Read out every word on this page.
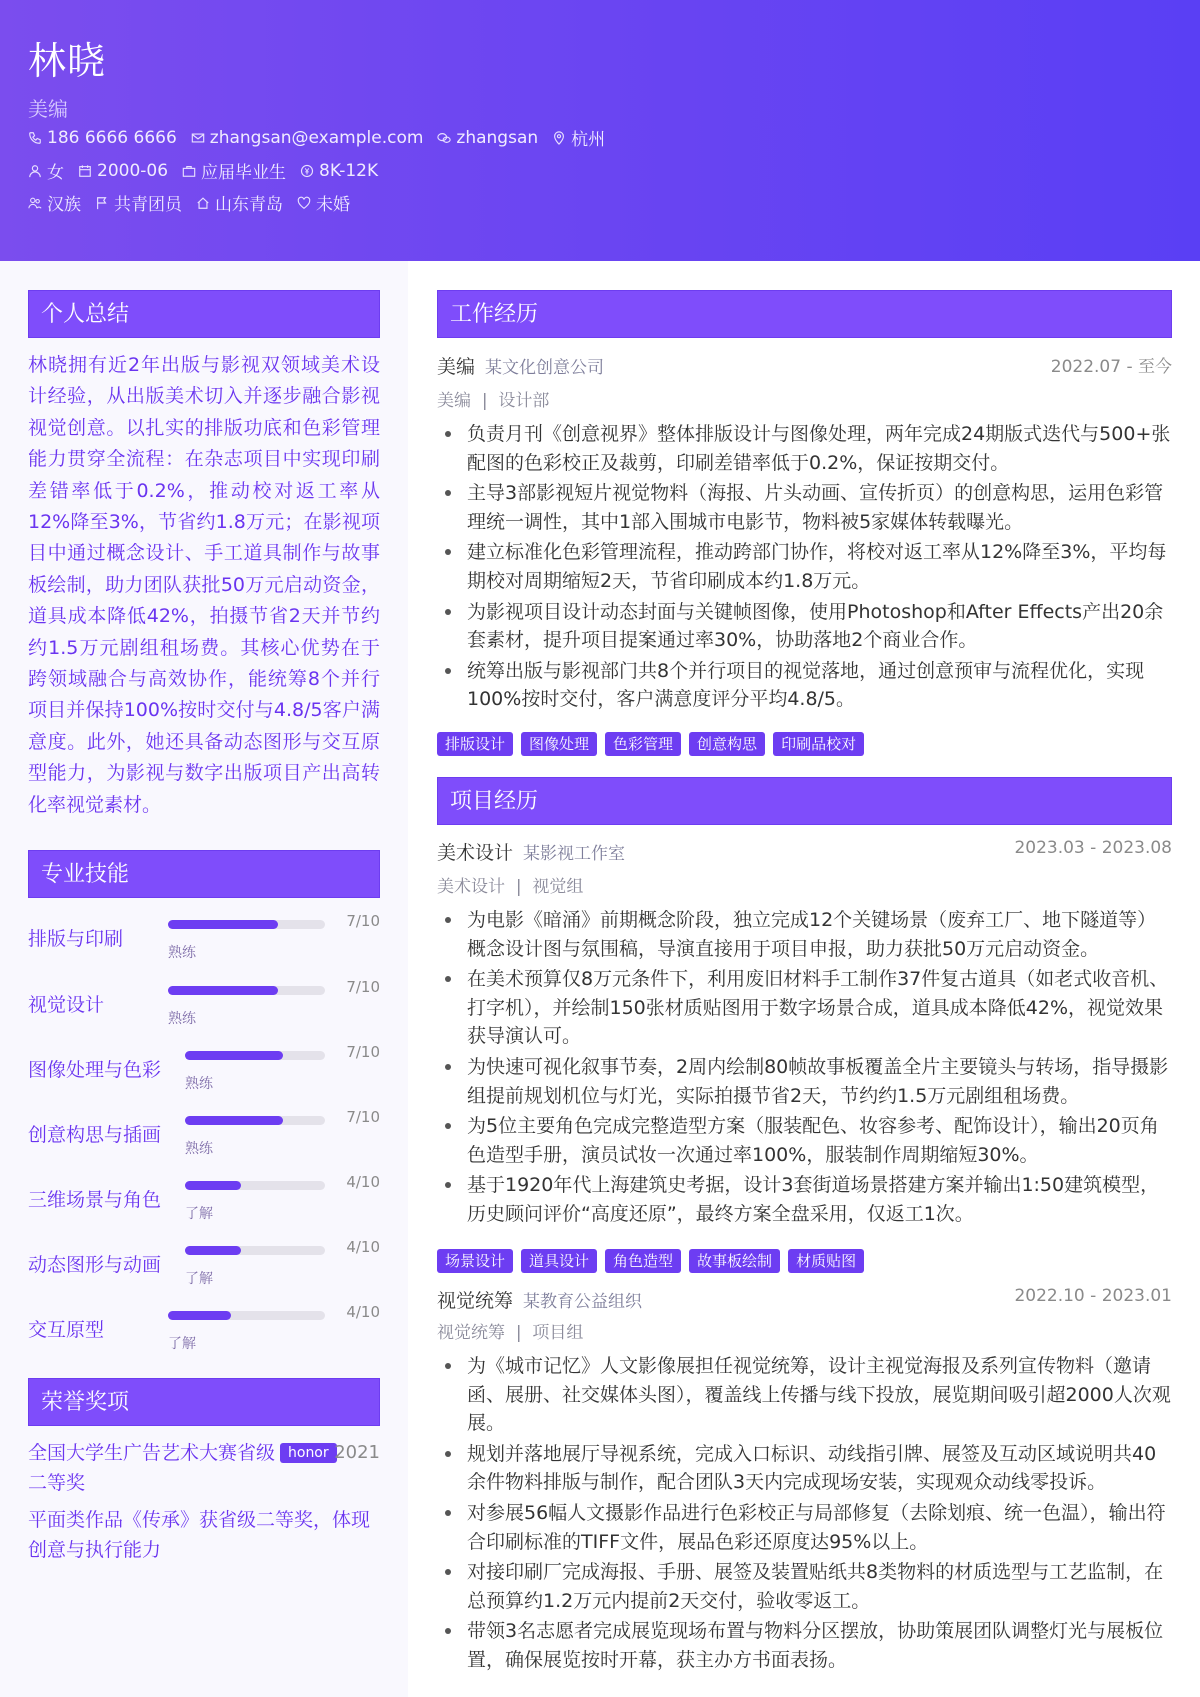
林晓
美编
186 6666 6666 zhangsan@example.com zhangsan 杭州
女 2000-06 应届毕业生 8K-12K
汉族 共青团员 山东青岛 未婚
个人总结
林晓拥有近2年出版与影视双领域美术设计经验，从出版美术切入并逐步融合影视视觉创意。以扎实的排版功底和色彩管理能力贯穿全流程：在杂志项目中实现印刷差错率低于0.2%，推动校对返工率从12%降至3%，节省约1.8万元；在影视项目中通过概念设计、手工道具制作与故事板绘制，助力团队获批50万元启动资金，道具成本降低42%，拍摄节省2天并节约约1.5万元剧组租场费。其核心优势在于跨领域融合与高效协作，能统筹8个并行项目并保持100%按时交付与4.8/5客户满意度。此外，她还具备动态图形与交互原型能力，为影视与数字出版项目产出高转化率视觉素材。
专业技能
排版与印刷
7/10
熟练
视觉设计
7/10
熟练
图像处理与色彩
7/10
熟练
创意构思与插画
7/10
熟练
三维场景与角色
4/10
了解
动态图形与动画
4/10
了解
交互原型
4/10
了解
荣誉奖项
全国大学生广告艺术大赛省级二等奖
honor 2021
平面类作品《传承》获省级二等奖，体现创意与执行能力
工作经历
美编 某文化创意公司	2022.07 - 至今
美编 | 设计部
负责月刊《创意视界》整体排版设计与图像处理，两年完成24期版式迭代与500+张配图的色彩校正及裁剪，印刷差错率低于0.2%，保证按期交付。
主导3部影视短片视觉物料（海报、片头动画、宣传折页）的创意构思，运用色彩管理统一调性，其中1部入围城市电影节，物料被5家媒体转载曝光。
建立标准化色彩管理流程，推动跨部门协作，将校对返工率从12%降至3%，平均每期校对周期缩短2天，节省印刷成本约1.8万元。
为影视项目设计动态封面与关键帧图像，使用Photoshop和After Effects产出20余套素材，提升项目提案通过率30%，协助落地2个商业合作。
统筹出版与影视部门共8个并行项目的视觉落地，通过创意预审与流程优化，实现100%按时交付，客户满意度评分平均4.8/5。
排版设计	图像处理	色彩管理	创意构思	印刷品校对
项目经历
美术设计 某影视工作室	2023.03 - 2023.08
美术设计 | 视觉组
为电影《暗涌》前期概念阶段，独立完成12个关键场景（废弃工厂、地下隧道等）概念设计图与氛围稿，导演直接用于项目申报，助力获批50万元启动资金。
在美术预算仅8万元条件下，利用废旧材料手工制作37件复古道具（如老式收音机、打字机），并绘制150张材质贴图用于数字场景合成，道具成本降低42%，视觉效果获导演认可。
为快速可视化叙事节奏，2周内绘制80帧故事板覆盖全片主要镜头与转场，指导摄影组提前规划机位与灯光，实际拍摄节省2天，节约约1.5万元剧组租场费。
为5位主要角色完成完整造型方案（服装配色、妆容参考、配饰设计），输出20页角色造型手册，演员试妆一次通过率100%，服装制作周期缩短30%。
基于1920年代上海建筑史考据，设计3套街道场景搭建方案并输出1:50建筑模型，历史顾问评价“高度还原”，最终方案全盘采用，仅返工1次。
场景设计	道具设计	角色造型	故事板绘制	材质贴图
视觉统筹 某教育公益组织	2022.10 - 2023.01
视觉统筹 | 项目组
为《城市记忆》人文影像展担任视觉统筹，设计主视觉海报及系列宣传物料（邀请函、展册、社交媒体头图），覆盖线上传播与线下投放，展览期间吸引超2000人次观展。
规划并落地展厅导视系统，完成入口标识、动线指引牌、展签及互动区域说明共40余件物料排版与制作，配合团队3天内完成现场安装，实现观众动线零投诉。
对参展56幅人文摄影作品进行色彩校正与局部修复（去除划痕、统一色温），输出符合印刷标准的TIFF文件，展品色彩还原度达95%以上。
对接印刷厂完成海报、手册、展签及装置贴纸共8类物料的材质选型与工艺监制，在总预算约1.2万元内提前2天交付，验收零返工。
带领3名志愿者完成展览现场布置与物料分区摆放，协助策展团队调整灯光与展板位置，确保展览按时开幕，获主办方书面表扬。
